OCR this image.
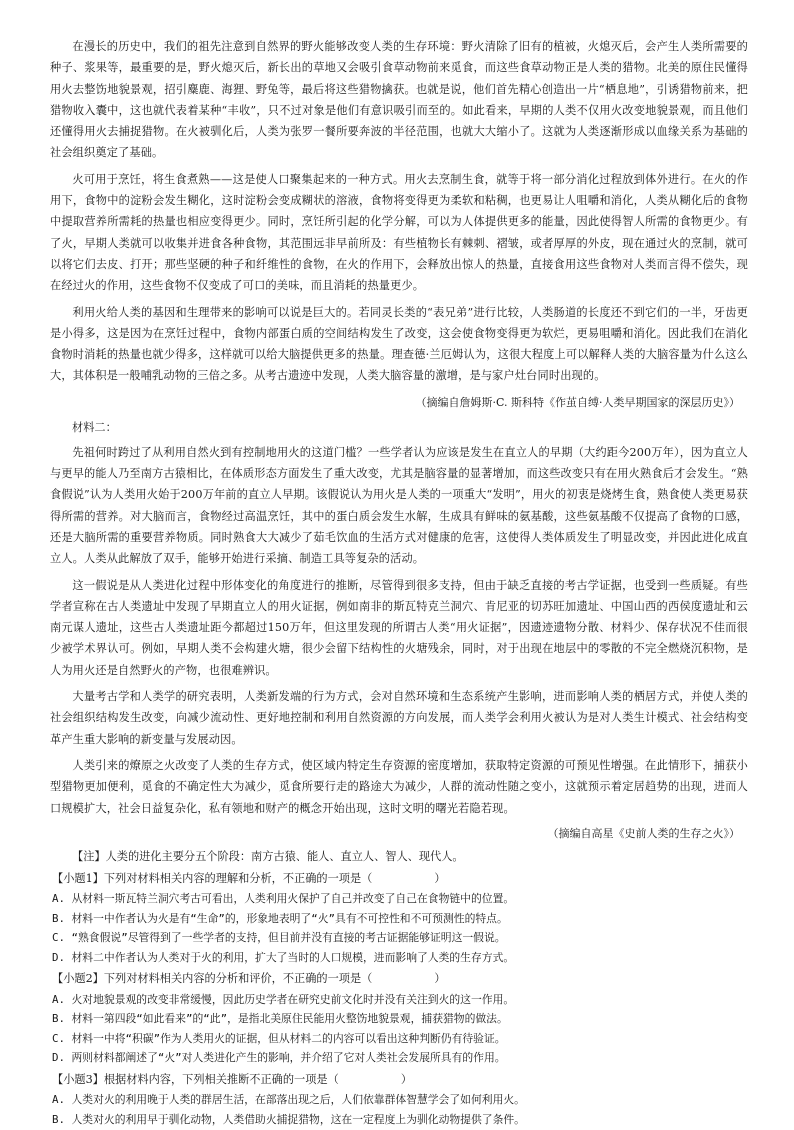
在漫长的历史中，我们的祖先注意到自然界的野火能够改变人类的生存环境：野火清除了旧有的植被，火熄灭后，会产生人类所需要的种子、浆果等，最重要的是，野火熄灭后，新长出的草地又会吸引食草动物前来觅食，而这些食草动物正是人类的猎物。北美的原住民懂得用火去整饬地貌景观，招引麋鹿、海狸、野兔等，最后将这些猎物擒获。也就是说，他们首先精心创造出一片“栖息地”，引诱猎物前来，把猎物收入囊中，这也就代表着某种“丰收”，只不过对象是他们有意识吸引而至的。如此看来，早期的人类不仅用火改变地貌景观，而且他们还懂得用火去捕捉猎物。在火被驯化后，人类为张罗一餐所要奔波的半径范围，也就大大缩小了。这就为人类逐渐形成以血缘关系为基础的社会组织奠定了基础。

火可用于烹饪，将生食煮熟——这是使人口聚集起来的一种方式。用火去烹制生食，就等于将一部分消化过程放到体外进行。在火的作用下，食物中的淀粉会发生糊化，这时淀粉会变成糊状的溶液，食物将变得更为柔软和粘稠，也更易让人咀嚼和消化，人类从糊化后的食物中提取营养所需耗的热量也相应变得更少。同时，烹饪所引起的化学分解，可以为人体提供更多的能量，因此使得智人所需的食物更少。有了火，早期人类就可以收集并进食各种食物，其范围远非早前所及：有些植物长有棘刺、褶皱，或者厚厚的外皮，现在通过火的烹制，就可以将它们去皮、打开；那些坚硬的种子和纤维性的食物，在火的作用下，会释放出惊人的热量，直接食用这些食物对人类而言得不偿失，现在经过火的作用，这些食物不仅变成了可口的美味，而且消耗的热量更少。

利用火给人类的基因和生理带来的影响可以说是巨大的。若同灵长类的“表兄弟”进行比较，人类肠道的长度还不到它们的一半，牙齿更是小得多，这是因为在烹饪过程中，食物内部蛋白质的空间结构发生了改变，这会使食物变得更为软烂，更易咀嚼和消化。因此我们在消化食物时消耗的热量也就少得多，这样就可以给大脑提供更多的热量。理查德·兰厄姆认为，这很大程度上可以解释人类的大脑容量为什么这么大，其体积是一般哺乳动物的三倍之多。从考古遗迹中发现，人类大脑容量的激增，是与家户灶台同时出现的。

（摘编自詹姆斯·C. 斯科特《作茧自缚·人类早期国家的深层历史》）

材料二：

先祖何时跨过了从利用自然火到有控制地用火的这道门槛？一些学者认为应该是发生在直立人的早期（大约距今200万年），因为直立人与更早的能人乃至南方古猿相比，在体质形态方面发生了重大改变，尤其是脑容量的显著增加，而这些改变只有在用火熟食后才会发生。“熟食假说”认为人类用火始于200万年前的直立人早期。该假说认为用火是人类的一项重大“发明”，用火的初衷是烧烤生食，熟食使人类更易获得所需的营养。对大脑而言，食物经过高温烹饪，其中的蛋白质会发生水解，生成具有鲜味的氨基酸，这些氨基酸不仅提高了食物的口感，还是大脑所需的重要营养物质。同时熟食大大减少了茹毛饮血的生活方式对健康的危害，这使得人类体质发生了明显改变，并因此进化成直立人。人类从此解放了双手，能够开始进行采摘、制造工具等复杂的活动。

这一假说是从人类进化过程中形体变化的角度进行的推断，尽管得到很多支持，但由于缺乏直接的考古学证据，也受到一些质疑。有些学者宣称在古人类遗址中发现了早期直立人的用火证据，例如南非的斯瓦特克兰洞穴、肯尼亚的切苏旺加遗址、中国山西的西侯度遗址和云南元谋人遗址，这些古人类遗址距今都超过150万年，但这里发现的所谓古人类“用火证据”，因遗迹遗物分散、材料少、保存状况不佳而很少被学术界认可。例如，早期人类不会构建火塘，很少会留下结构性的火塘残余，同时，对于出现在地层中的零散的不完全燃烧沉积物，是人为用火还是自然野火的产物，也很难辨识。

大量考古学和人类学的研究表明，人类新发端的行为方式，会对自然环境和生态系统产生影响，进而影响人类的栖居方式，并使人类的社会组织结构发生改变，向减少流动性、更好地控制和利用自然资源的方向发展，而人类学会利用火被认为是对人类生计模式、社会结构变革产生重大影响的新变量与发展动因。

人类引来的燎原之火改变了人类的生存方式，使区域内特定生存资源的密度增加，获取特定资源的可预见性增强。在此情形下，捕获小型猎物更加便利，觅食的不确定性大为减少，觅食所要行走的路途大为减少，人群的流动性随之变小，这就预示着定居趋势的出现，进而人口规模扩大，社会日益复杂化，私有领地和财产的概念开始出现，这时文明的曙光若隐若现。

（摘编自高星《史前人类的生存之火》）

【注】人类的进化主要分五个阶段：南方古猿、能人、直立人、智人、现代人。

【小题1】下列对材料相关内容的理解和分析，不正确的一项是（	）

A. 从材料一斯瓦特兰洞穴考古可看出，人类利用火保护了自己并改变了自己在食物链中的位置。

B. 材料一中作者认为火是有“生命”的，形象地表明了“火”具有不可控性和不可预测性的特点。

C. “熟食假说”尽管得到了一些学者的支持，但目前并没有直接的考古证据能够证明这一假说。

D. 材料二中作者认为人类对于火的利用，扩大了当时的人口规模，进而影响了人类的生存方式。

【小题2】下列对材料相关内容的分析和评价，不正确的一项是（	）

A. 火对地貌景观的改变非常缓慢，因此历史学者在研究史前文化时并没有关注到火的这一作用。

B. 材料一第四段“如此看来”的“此”，是指北美原住民能用火整饬地貌景观，捕获猎物的做法。

C. 材料一中将“积碳”作为人类用火的证据，但从材料二的内容可以看出这种判断仍有待验证。

D. 两则材料都阐述了“火”对人类进化产生的影响，并介绍了它对人类社会发展所具有的作用。

【小题3】根据材料内容，下列相关推断不正确的一项是（	）

A. 人类对火的利用晚于人类的群居生活，在部落出现之后，人们依靠群体智慧学会了如何利用火。

B. 人类对火的利用早于驯化动物，人类借助火捕捉猎物，这在一定程度上为驯化动物提供了条件。
